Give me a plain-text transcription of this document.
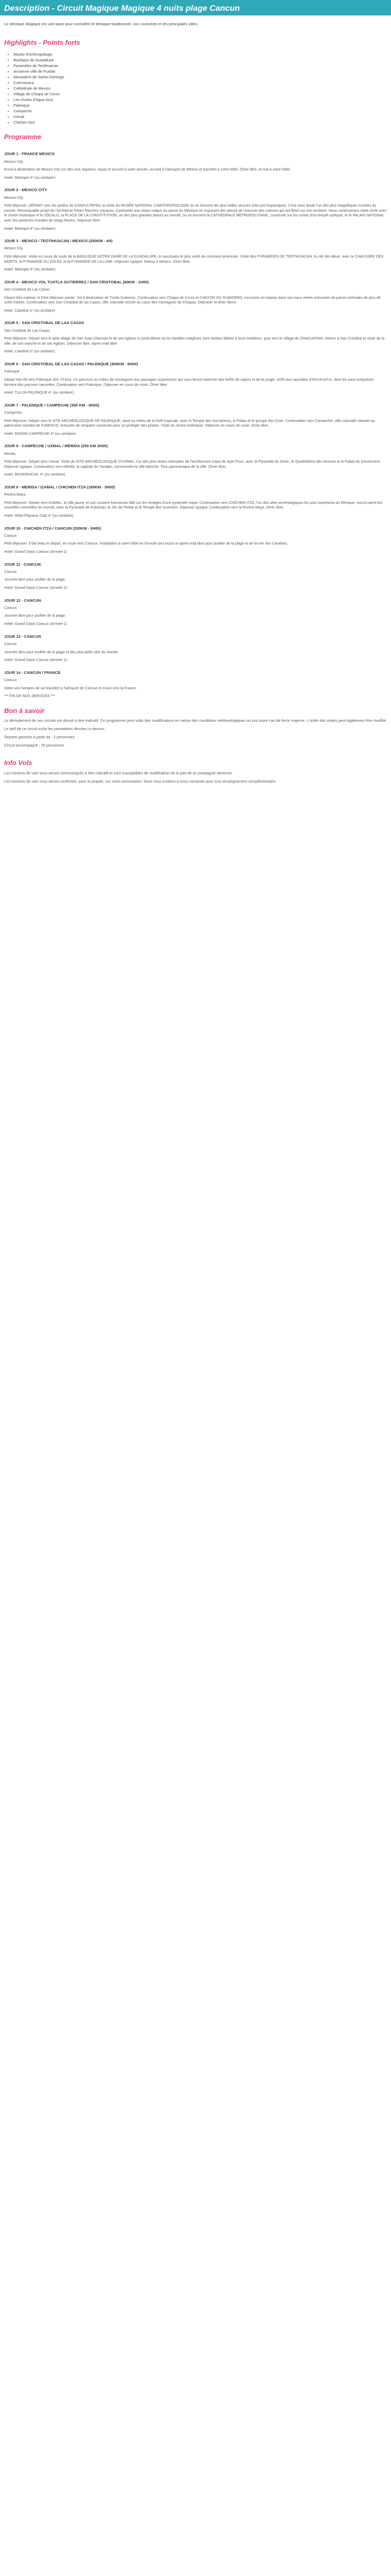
Description - Circuit Magique Magique 4 nuits plage Cancun
Le Mexique Magique est une base pour connaître le Mexique traditionnel, son coutumes et les principales villes.
Highlights - Points forts
• Musée d'Anthropologie
• Basilique de Guadalupe
• Pyramides de Teotihuacan
• Ancienne ville de Puebla
• Monastère de Santo Domingo
• Cuernavaca
• Cathédrale de Mexico
• Village de Chiapa de Corzo
• Les chutes d'Agua Azul
• Palenque
• Campeche
• Uxmal
• Chichen Itza
Programme
JOUR 1 - FRANCE MEXICO

Mexico City

Envol à destination de Mexico City sur des vols réguliers, repas et accueil à votre arrivée, accueil à l'aéroport de Mexico et transfert à votre hôtel. Dîner libre, et nuit à votre hôtel.

Hotel: Metropol 4* (ou similaire)
JOUR 2 - MEXICO CITY

Mexico City

Petit déjeuner. DÉPART vers les jardins de CHAPULTEPEC et visite du MUSÉE NATIONAL D'ANTHROPOLOGIE où se trouvent les plus belles œuvres d'Art pré-hispaniques. C'est sans doute l'un des plus magnifiques musées du monde. Remarquable projet de l'architecte Pedro Ramírez Vázquez, il présente une vision unique du passé du Mexique en exposant des pièces de chacune des cultures qui ont fleuri sur son territoire. Nous continuerons notre visite avec le centre historique et le ZÓCALO, la PLACE DE LA CONSTITUTION, un des plus grandes places au monde, où se trouvent la CATHÉDRALE MÉTROPOLITAINE, construite sur les ruines d'un temple aztèque, et le PALAIS NATIONAL avec les peintures murales de Diego Rivera. Déjeuner libre.

Hotel: Metropol 4* (ou similaire)
JOUR 3 - MEXICO / TEOTIHUACAN / MEXICO (250KM - 4H)

Mexico City

Petit déjeuner. Visite en cours de route de la BASILIQUE NOTRE DAME DE LA GUADALUPE, le sanctuaire le plus visité du continent américain. Visite des PYRAMIDES DE TEOTIHUACAN, la cité des dieux, avec la CHAUSSÉE DES MORTS, la PYRAMIDE DU SOLEIL et la PYRAMIDE DE LA LUNE. Déjeuner typique. Retour à Mexico. Dîner libre.

Hotel: Metropol 4* (ou similaire)
JOUR 4 - MEXICO VOL TUXTLA GUTIERREZ / SAN CRISTOBAL (80KM - 1H00)

San Cristóbal de Las Casas

Départ très matinal, et Petit déjeuner panier. Vol à destination de Tuxtla Gutierrez. Continuation vers Chiapa de Corzo et CANYON DU SUMIDERO, excursion en bateau dans ses eaux vertes entourées de parois verticales de plus de 1000 mètres. Continuation vers San Cristóbal de las Casas, ville coloniale nichée au cœur des montagnes du Chiapas. Déjeuner et dîner libres.

Hotel: Catedral 3* (ou similaire)
JOUR 5 - SAN CRISTOBAL DE LAS CASAS

San Cristóbal de Las Casas

Petit déjeuner. Départ vers le petit village de San Juan Chamula et de ses églises si particulières où les familles indigènes sont restées fidèles à leurs traditions, puis vers le village de ZINACANTAN. Retour à San Cristóbal et visite de la ville, de son marché et de ses églises. Déjeuner libre. Après-midi libre.

Hotel: Catedral 3* (ou similaire)
JOUR 6 - SAN CRISTOBAL DE LAS CASAS / PALENQUE (300KM - 5H00)

Palenque

Départ très tôt vers Palenque (km 70 km). Un parcours au milieu de montagnes aux paysages surprenants qui vous feront traverser des forêts de sapins et de la jungle. Arrêt aux cascades d'AGUA AZUL, dont les eaux turquoises forment des piscines naturelles. Continuation vers Palenque. Déjeuner en cours de route. Dîner libre.

Hotel: TULIJA PALENQUE 4* (ou similaire)
JOUR 7 - PALENQUE / CAMPECHE (365 KM - 5H00)

Campeche

Petit déjeuner. Départ vers le SITE ARCHÉOLOGIQUE DE PALENQUE, situé au milieu de la forêt tropicale, avec le Temple des Inscriptions, le Palais et le groupe des Croix. Continuation vers Campeche, ville coloniale classée au patrimoine mondial de l'UNESCO, entourée de remparts construits pour se protéger des pirates. Visite du centre historique. Déjeuner en cours de route. Dîner libre.

Hotel: MISION CAMPECHE 4* (ou similaire)
JOUR 8 - CAMPECHE / UXMAL / MERIDA (250 KM 3H00)

Merida

Petit déjeuner. Départ vers Uxmal. Visite du SITE ARCHÉOLOGIQUE D'UXMAL, l'un des plus beaux exemples de l'architecture maya de style Puuc, avec la Pyramide du Devin, le Quadrilatère des Nonnes et le Palais du Gouverneur. Déjeuner typique. Continuation vers Mérida, la capitale du Yucatán, surnommée la ville blanche. Tour panoramique de la ville. Dîner libre.

Hotel: RESIDENCIAL 4* (ou similaire)
JOUR 9 - MERIDA / IZAMAL / CHICHEN ITZA (180KM - 3H00)

Riviera Maya

Petit déjeuner. Départ vers IZAMAL, la ville jaune, et son couvent franciscain bâti sur les vestiges d'une pyramide maya. Continuation vers CHICHEN ITZA, l'un des sites archéologiques les plus importants du Mexique, inscrit parmi les nouvelles merveilles du monde, avec la Pyramide de Kukulcán, le Jeu de Pelote et le Temple des Guerriers. Déjeuner typique. Continuation vers la Riviera Maya. Dîner libre.

Hotel: Hôtel Playacar Club 4* (ou similaire)
JOUR 10 - CHICHEN ITZA / CANCUN (200KM - 3H00)

Cancun

Petit déjeuner. Il fait beau le départ, en route vers Cancun. Installation à votre hôtel en formule tout inclus et après-midi libre pour profiter de la plage et de la mer des Caraïbes.

Hotel: Grand Oasis Cancun (Arrivée 1)
JOUR 11 - CANCUN

Cancun

Journée libre pour profiter de la plage.

Hotel: Grand Oasis Cancun (Arrivée 1)
JOUR 12 - CANCUN

Cancun

Journée libre pour profiter de la plage.

Hotel: Grand Oasis Cancun (Arrivée 1)
JOUR 13 - CANCUN

Cancun

Journée libre pour profiter de la plage et des plus belle côte du monde.

Hotel: Grand Oasis Cancun (Arrivée 1)
JOUR 14 - CANCUN / FRANCE

Cancun

Selon vos horaires de vol transfert à l'aéroport de Cancun et envol vers la France.

*** FIN DE NOS SERVICES ***
Bon à savoir

Le déroulement de ces circuits est donné à titre indicatif. Ce programme peut subir des modifications en raison des conditions météorologiques ou tout autre cas de force majeure. L'ordre des visites peut également être modifié.

Le tarif de ce circuit inclut les prestations décrites ci-dessus.

Départs garantis à partir de : 2 personnes

Circuit accompagné : 25 personnes

Info Vols

Les horaires de vols vous seront communiqués à titre indicatif et sont susceptibles de modification de la part de la compagnie aérienne.

Les horaires de vols vous seront confirmés, pour la plupart, sur votre convocation. Nous vous invitons à nous contacter pour tout renseignement complémentaire.
